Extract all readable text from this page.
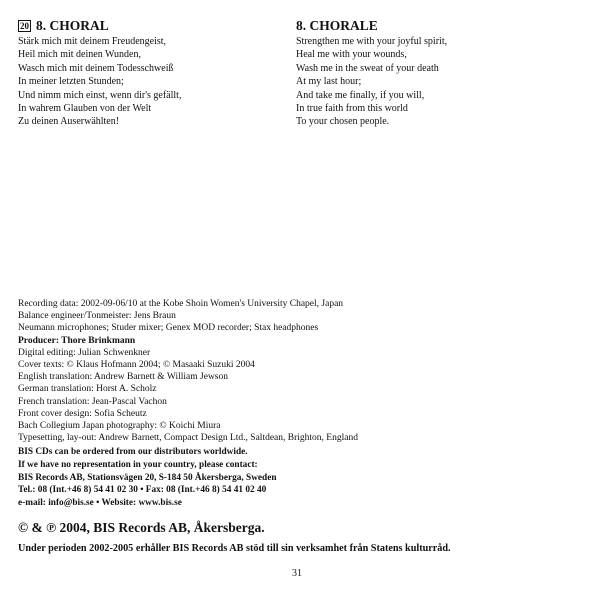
20 8. CHORAL
Stärk mich mit deinem Freudengeist,
Heil mich mit deinen Wunden,
Wasch mich mit deinem Todesschweiß
In meiner letzten Stunden;
Und nimm mich einst, wenn dir's gefällt,
In wahrem Glauben von der Welt
Zu deinen Auserwählten!
8. CHORALE
Strengthen me with your joyful spirit,
Heal me with your wounds,
Wash me in the sweat of your death
At my last hour;
And take me finally, if you will,
In true faith from this world
To your chosen people.
Recording data: 2002-09-06/10 at the Kobe Shoin Women's University Chapel, Japan
Balance engineer/Tonmeister: Jens Braun
Neumann microphones; Studer mixer; Genex MOD recorder; Stax headphones
Producer: Thore Brinkmann
Digital editing: Julian Schwenkner
Cover texts: © Klaus Hofmann 2004; © Masaaki Suzuki 2004
English translation: Andrew Barnett & William Jewson
German translation: Horst A. Scholz
French translation: Jean-Pascal Vachon
Front cover design: Sofia Scheutz
Bach Collegium Japan photography: © Koichi Miura
Typesetting, lay-out: Andrew Barnett, Compact Design Ltd., Saltdean, Brighton, England
BIS CDs can be ordered from our distributors worldwide.
If we have no representation in your country, please contact:
BIS Records AB, Stationsvägen 20, S-184 50 Åkersberga, Sweden
Tel.: 08 (Int.+46 8) 54 41 02 30 • Fax: 08 (Int.+46 8) 54 41 02 40
e-mail: info@bis.se • Website: www.bis.se
© & ℗ 2004, BIS Records AB, Åkersberga.
Under perioden 2002-2005 erhåller BIS Records AB stöd till sin verksamhet från Statens kulturråd.
31
